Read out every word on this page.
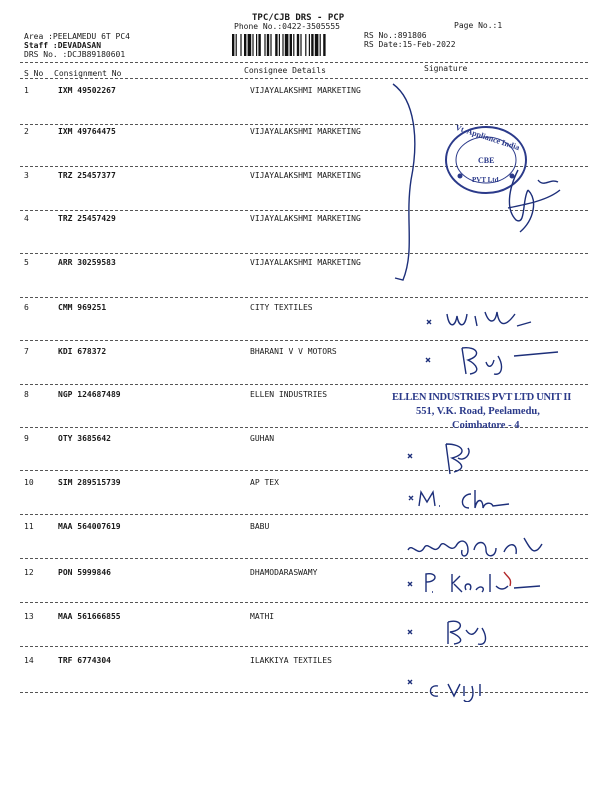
TPC/CJB DRS - PCP
Phone No.:0422-3505555	Page No.:1
Area :PEELAMEDU 6T PC4
Staff :DEVADASAN
DRS No. :DCJB89180601
RS No.:891806
RS Date:15-Feb-2022
S No Consignment No	Consignee Details	Signature
1	IXM 49502267	VIJAYALAKSHMI MARKETING
2	IXM 49764475	VIJAYALAKSHMI MARKETING
3	TRZ 25457377	VIJAYALAKSHMI MARKETING
4	TRZ 25457429	VIJAYALAKSHMI MARKETING
5	ARR 30259583	VIJAYALAKSHMI MARKETING
6	CMM 969251	CITY TEXTILES
7	KDI 678372	BHARANI V V MOTORS
8	NGP 124687489	ELLEN INDUSTRIES
9	OTY 3685642	GUHAN
10	SIM 289515739	AP TEX
11	MAA 564007619	BABU
12	PON 5999846	DHAMODARASWAMY
13	MAA 561666855	MATHI
14	TRF 6774304	ILAKKIYA TEXTILES
Vt. Appliance India
CBE
PVT Ltd
ELLEN INDUSTRIES PVT LTD UNIT II
551, V.K. Road, Peelamedu,
Coimbatore - 4
